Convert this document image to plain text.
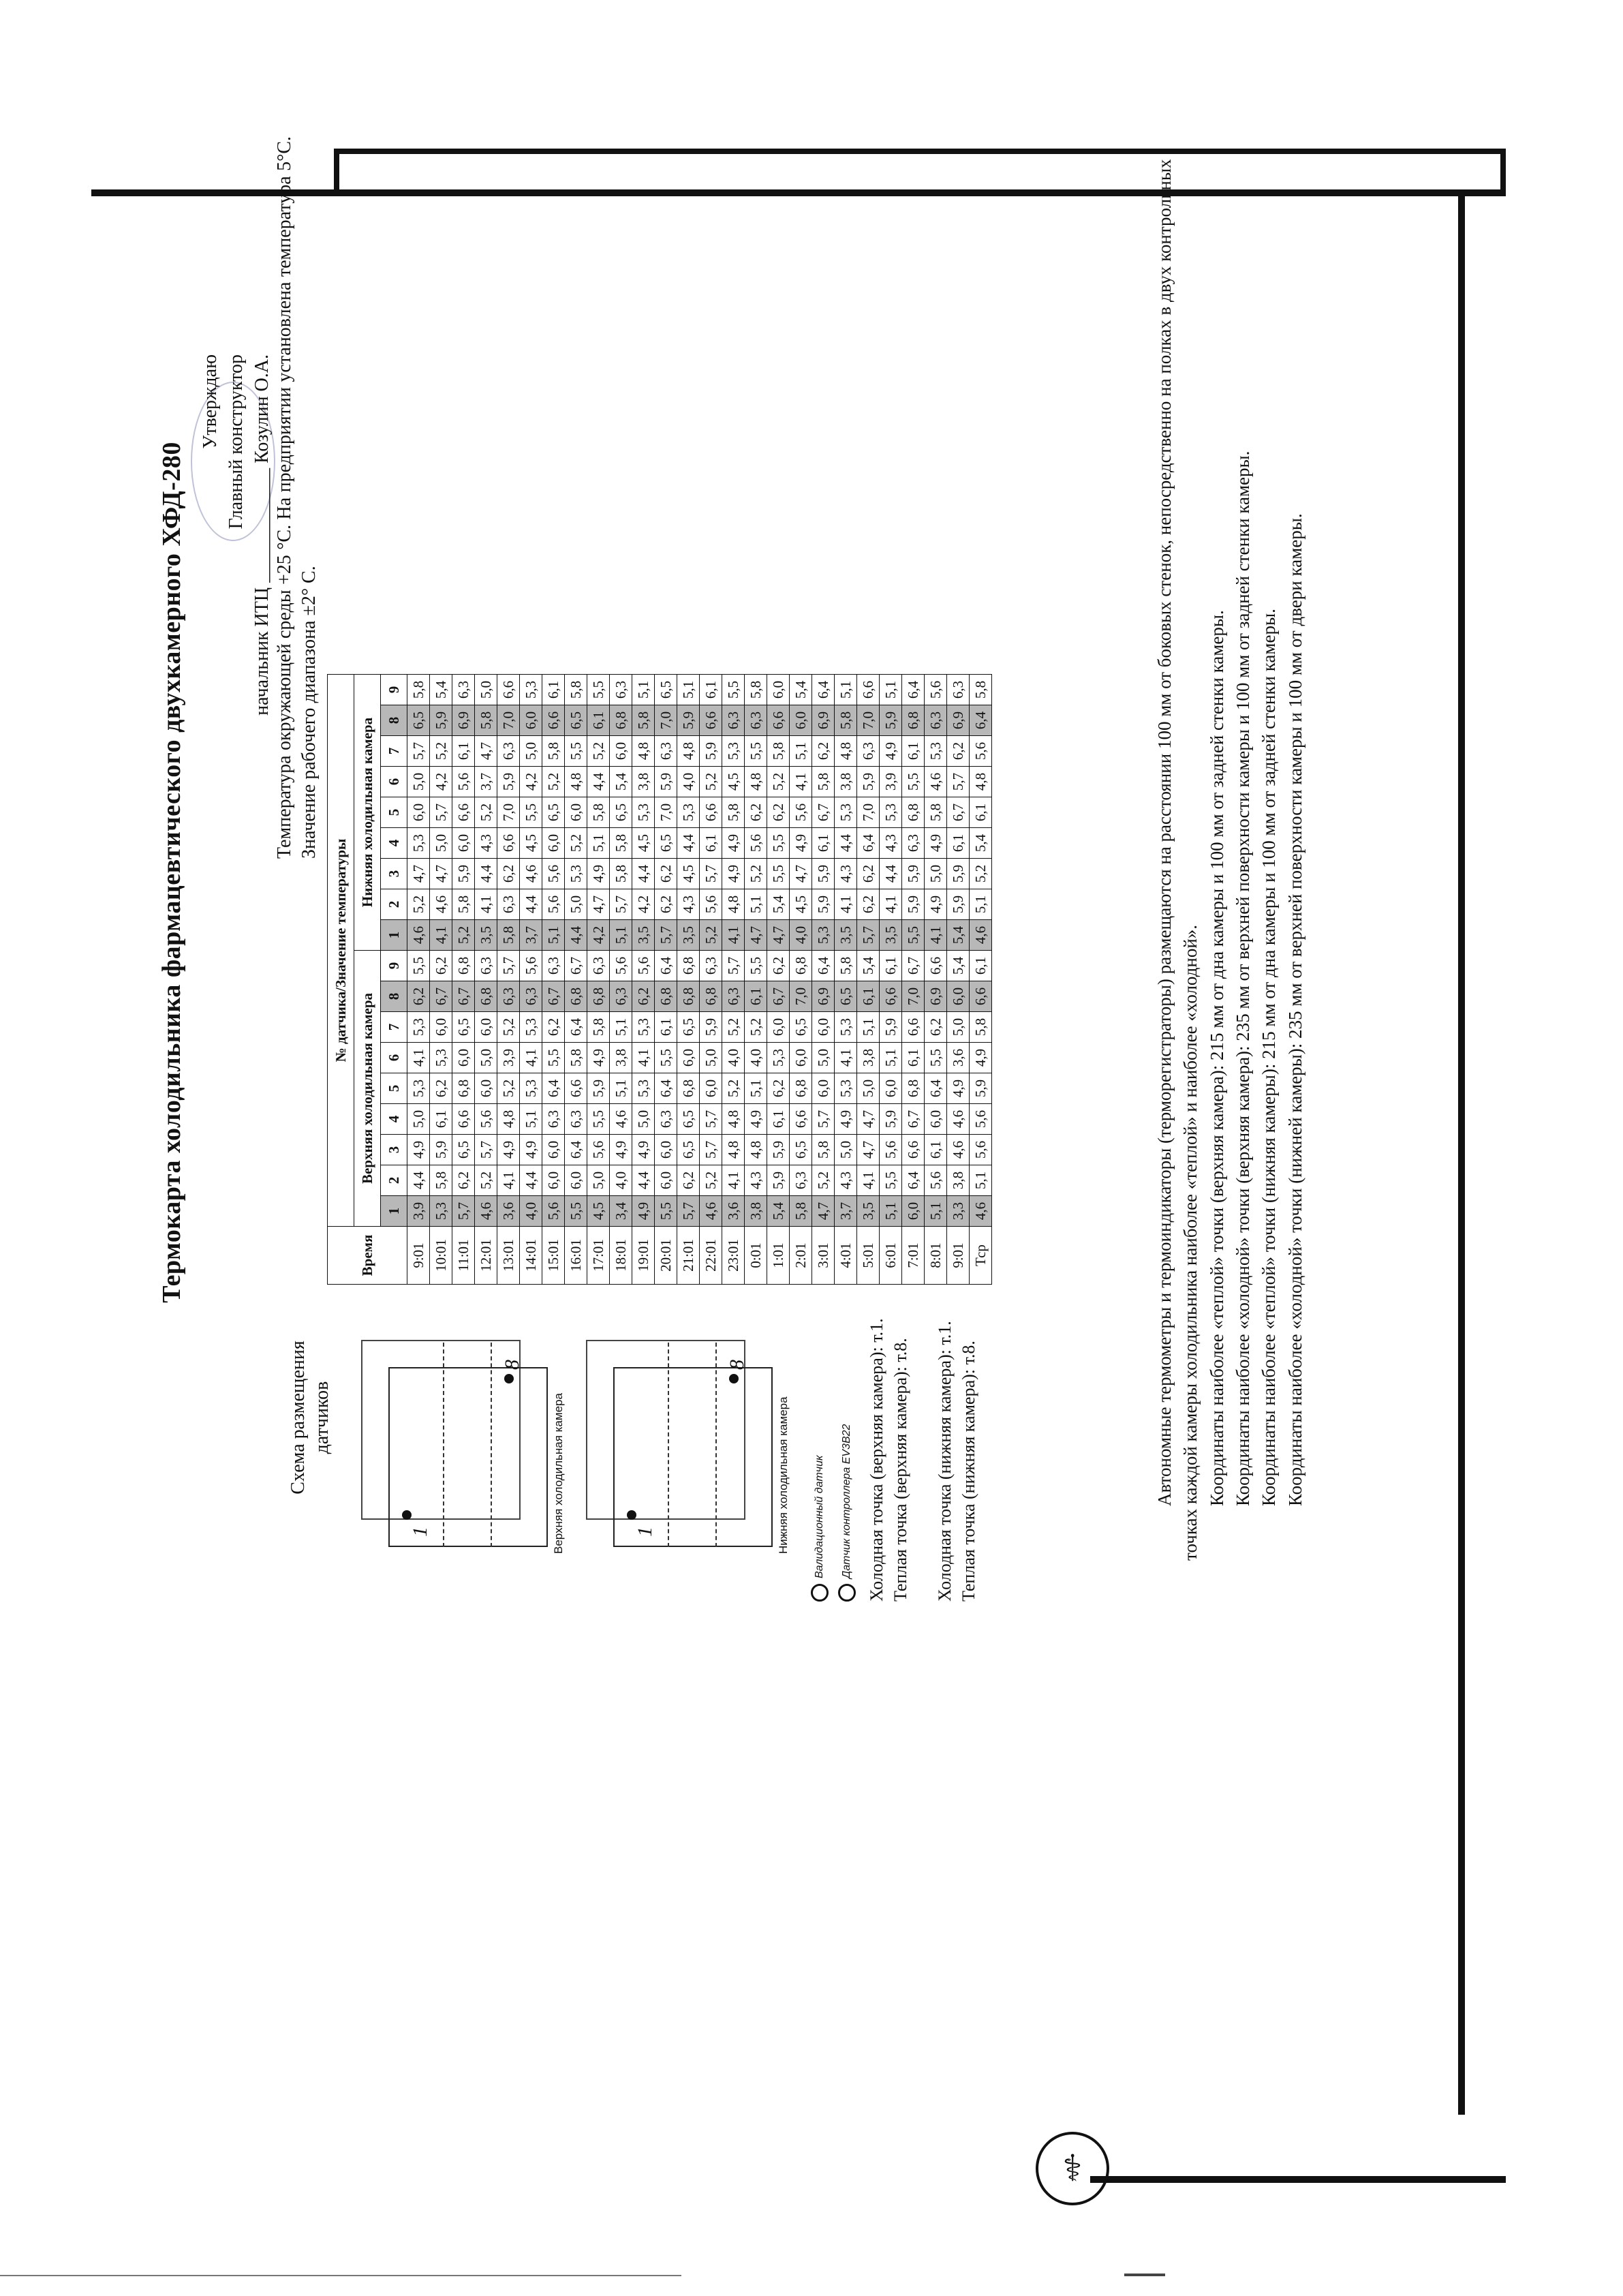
⚕
Термокарта холодильника фармацевтического двухкамерного ХФД-280
Утверждаю Главный конструктор
начальник ИТЦ ____________ Козулин О.А. Температура окружающей среды +25 °С. На предприятии установлена температура 5°С. Значение рабочего диапазона ±2° С.
Схема размещения датчиков
1
8
Верхняя холодильная камера	1
8
Нижняя холодильная камера Валидационный датчик Датчик контроллера EV3B22 Холодная точка (верхняя камера): т.1. Теплая точка (верхняя камера): т.8. Холодная точка (нижняя камера): т.1. Теплая точка (нижняя камера): т.8.
Время	№ датчика/Значение температуры																	
	Верхняя холодильная камера									Нижняя холодильная камера								
	1	2	3	4	5	6	7	8	9	1	2	3	4	5	6	7	8	9
9:01	3,9	4,4	4,9	5,0	5,3	4,1	5,3	6,2	5,5	4,6	5,2	4,7	5,3	6,0	5,0	5,7	6,5	5,8
10:01	5,3	5,8	5,9	6,1	6,2	5,3	6,0	6,7	6,2	4,1	4,6	4,7	5,0	5,7	4,2	5,2	5,9	5,4
11:01	5,7	6,2	6,5	6,6	6,8	6,0	6,5	6,7	6,8	5,2	5,8	5,9	6,0	6,6	5,6	6,1	6,9	6,3
12:01	4,6	5,2	5,7	5,6	6,0	5,0	6,0	6,8	6,3	3,5	4,1	4,4	4,3	5,2	3,7	4,7	5,8	5,0
13:01	3,6	4,1	4,9	4,8	5,2	3,9	5,2	6,3	5,7	5,8	6,3	6,2	6,6	7,0	5,9	6,3	7,0	6,6
14:01	4,0	4,4	4,9	5,1	5,3	4,1	5,3	6,3	5,6	3,7	4,4	4,6	4,5	5,5	4,2	5,0	6,0	5,3
15:01	5,6	6,0	6,0	6,3	6,4	5,5	6,2	6,7	6,3	5,1	5,6	5,6	6,0	6,5	5,2	5,8	6,6	6,1
16:01	5,5	6,0	6,4	6,3	6,6	5,8	6,4	6,8	6,7	4,4	5,0	5,3	5,2	6,0	4,8	5,5	6,5	5,8
17:01	4,5	5,0	5,6	5,5	5,9	4,9	5,8	6,8	6,3	4,2	4,7	4,9	5,1	5,8	4,4	5,2	6,1	5,5
18:01	3,4	4,0	4,9	4,6	5,1	3,8	5,1	6,3	5,6	5,1	5,7	5,8	5,8	6,5	5,4	6,0	6,8	6,3
19:01	4,9	4,4	4,9	5,0	5,3	4,1	5,3	6,2	5,6	3,5	4,2	4,4	4,5	5,3	3,8	4,8	5,8	5,1
20:01	5,5	6,0	6,0	6,3	6,4	5,5	6,1	6,8	6,4	5,7	6,2	6,2	6,5	7,0	5,9	6,3	7,0	6,5
21:01	5,7	6,2	6,5	6,5	6,8	6,0	6,5	6,8	6,8	3,5	4,3	4,5	4,4	5,3	4,0	4,8	5,9	5,1
22:01	4,6	5,2	5,7	5,7	6,0	5,0	5,9	6,8	6,3	5,2	5,6	5,7	6,1	6,6	5,2	5,9	6,6	6,1
23:01	3,6	4,1	4,8	4,8	5,2	4,0	5,2	6,3	5,7	4,1	4,8	4,9	4,9	5,8	4,5	5,3	6,3	5,5
0:01	3,8	4,3	4,8	4,9	5,1	4,0	5,2	6,1	5,5	4,7	5,1	5,2	5,6	6,2	4,8	5,5	6,3	5,8
1:01	5,4	5,9	5,9	6,1	6,2	5,3	6,0	6,7	6,2	4,7	5,4	5,5	5,5	6,2	5,2	5,8	6,6	6,0
2:01	5,8	6,3	6,5	6,6	6,8	6,0	6,5	7,0	6,8	4,0	4,5	4,7	4,9	5,6	4,1	5,1	6,0	5,4
3:01	4,7	5,2	5,8	5,7	6,0	5,0	6,0	6,9	6,4	5,3	5,9	5,9	6,1	6,7	5,8	6,2	6,9	6,4
4:01	3,7	4,3	5,0	4,9	5,3	4,1	5,3	6,5	5,8	3,5	4,1	4,3	4,4	5,3	3,8	4,8	5,8	5,1
5:01	3,5	4,1	4,7	4,7	5,0	3,8	5,1	6,1	5,4	5,7	6,2	6,2	6,4	7,0	5,9	6,3	7,0	6,6
6:01	5,1	5,5	5,6	5,9	6,0	5,1	5,9	6,6	6,1	3,5	4,1	4,4	4,3	5,3	3,9	4,9	5,9	5,1
7:01	6,0	6,4	6,6	6,7	6,8	6,1	6,6	7,0	6,7	5,5	5,9	5,9	6,3	6,8	5,5	6,1	6,8	6,4
8:01	5,1	5,6	6,1	6,0	6,4	5,5	6,2	6,9	6,6	4,1	4,9	5,0	4,9	5,8	4,6	5,3	6,3	5,6
9:01	3,3	3,8	4,6	4,6	4,9	3,6	5,0	6,0	5,4	5,4	5,9	5,9	6,1	6,7	5,7	6,2	6,9	6,3
Тср	4,6	5,1	5,6	5,6	5,9	4,9	5,8	6,6	6,1	4,6	5,1	5,2	5,4	6,1	4,8	5,6	6,4	5,8	Автономные термометры и термоиндикаторы (терморегистраторы) размещаются на расстоянии 100 мм от боковых стенок, непосредственно на полках в двух контрольных точках каждой камеры холодильника наиболее «теплой» и наиболее «холодной». Координаты наиболее «теплой» точки (верхняя камера): 215 мм от дна камеры и 100 мм от задней стенки камеры. Координаты наиболее «холодной» точки (верхняя камера): 235 мм от верхней поверхности камеры и 100 мм от задней стенки камеры. Координаты наиболее «теплой» точки (нижняя камеры): 215 мм от дна камеры и 100 мм от задней стенки камеры. Координаты наиболее «холодной» точки (нижней камеры): 235 мм от верхней поверхности камеры и 100 мм от двери камеры.
